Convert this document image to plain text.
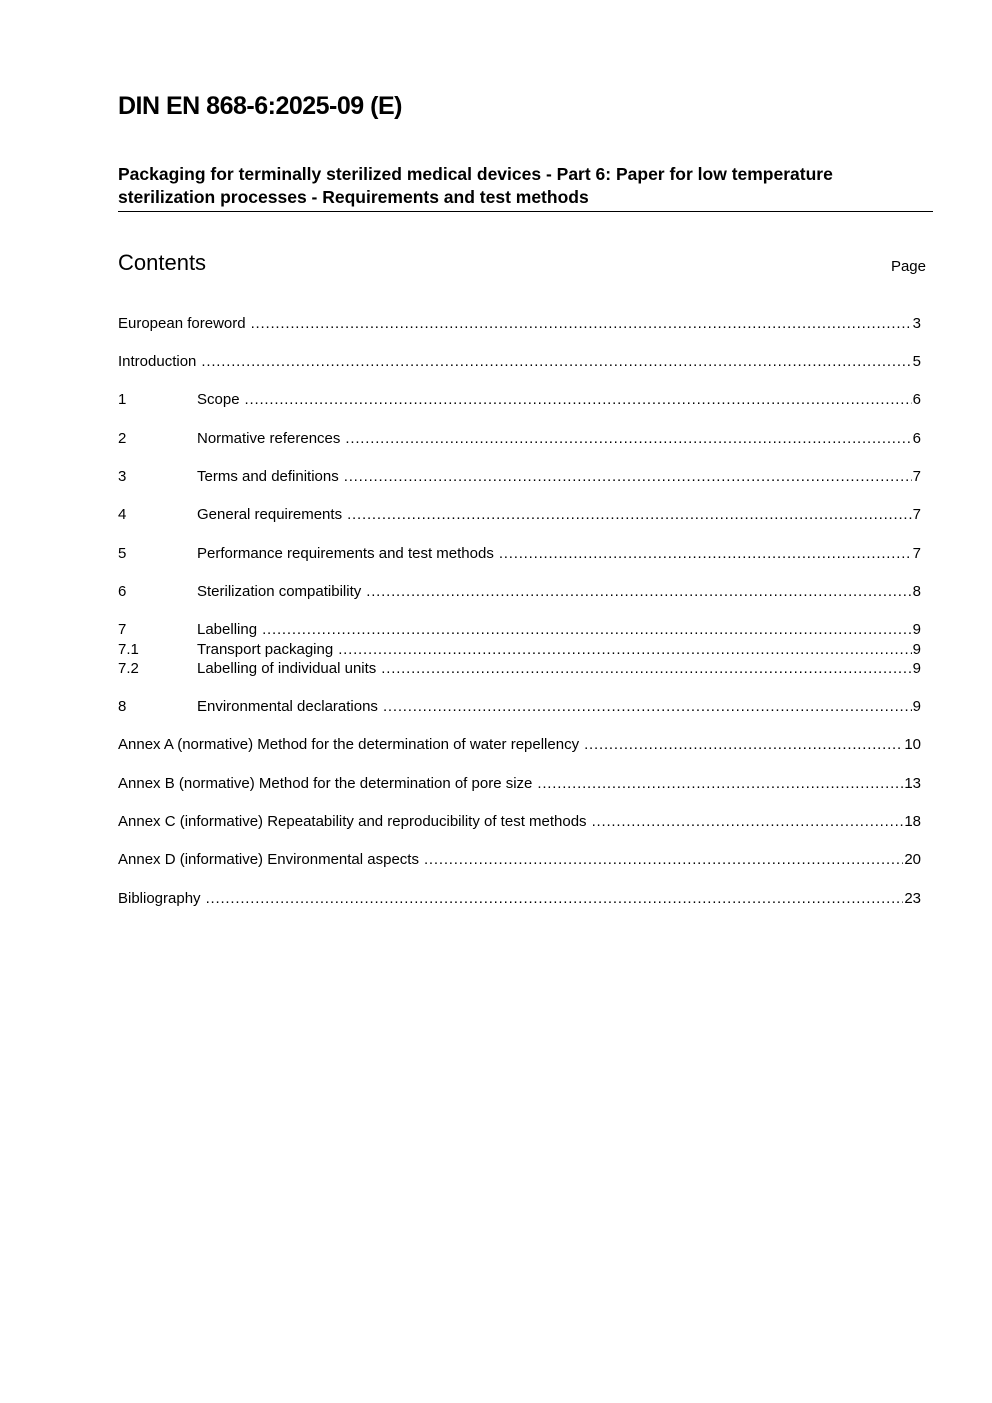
DIN EN 868-6:2025-09 (E)
Packaging for terminally sterilized medical devices - Part 6: Paper for low temperature sterilization processes - Requirements and test methods
Contents	Page
European foreword .....	3
Introduction .....	5
1	Scope .....	6
2	Normative references .....	6
3	Terms and definitions .....	7
4	General requirements .....	7
5	Performance requirements and test methods .....	7
6	Sterilization compatibility .....	8
7	Labelling .....	9
7.1	Transport packaging .....	9
7.2	Labelling of individual units .....	9
8	Environmental declarations .....	9
Annex A (normative) Method for the determination of water repellency .....	10
Annex B (normative) Method for the determination of pore size .....	13
Annex C (informative) Repeatability and reproducibility of test methods .....	18
Annex D (informative) Environmental aspects .....	20
Bibliography .....	23
